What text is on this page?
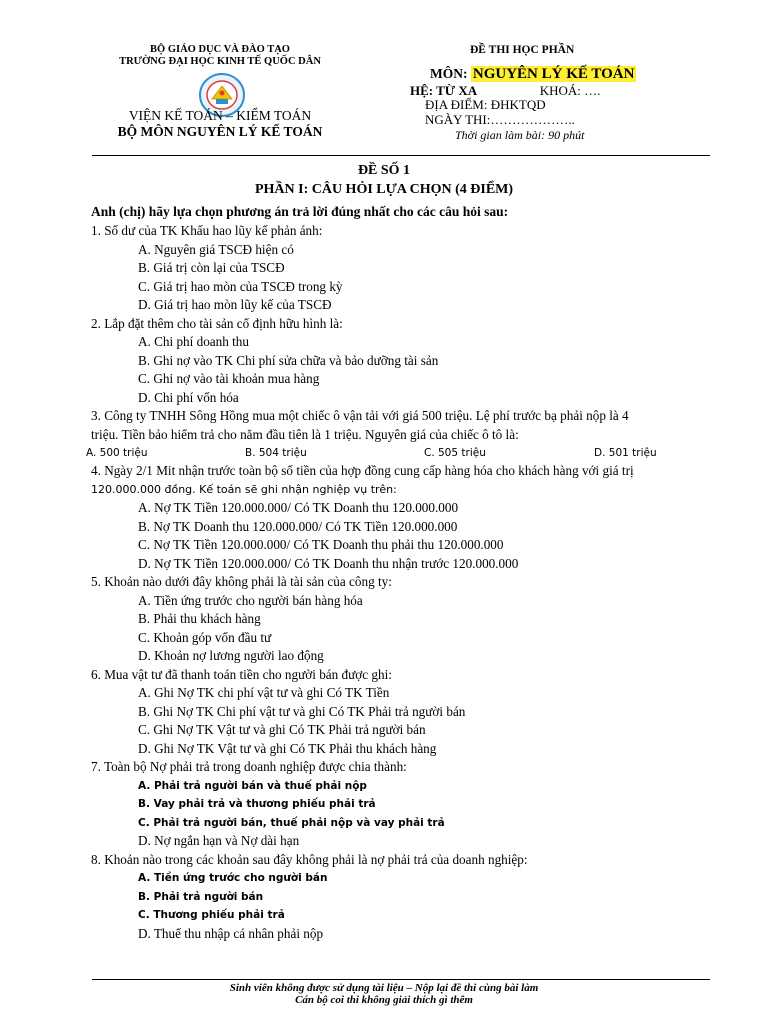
BỘ GIÁO DỤC VÀ ĐÀO TẠO
TRƯỜNG ĐẠI HỌC KINH TẾ QUỐC DÂN
VIỆN KẾ TOÁN – KIỂM TOÁN
BỘ MÔN NGUYÊN LÝ KẾ TOÁN
ĐỀ THI HỌC PHẦN
MÔN: NGUYÊN LÝ KẾ TOÁN
HỆ: TỪ XA	KHOÁ: ….
ĐỊA ĐIỂM: ĐHKTQD
NGÀY THI:………………..
Thời gian làm bài: 90 phút
ĐỀ SỐ 1
PHẦN I: CÂU HỎI LỰA CHỌN (4 ĐIỂM)
Anh (chị) hãy lựa chọn phương án trả lời đúng nhất cho các câu hỏi sau:
1. Số dư của TK Khấu hao lũy kế phản ánh:
A. Nguyên giá TSCĐ hiện có
B. Giá trị còn lại của TSCĐ
C. Giá trị hao mòn của TSCĐ trong kỳ
D. Giá trị hao mòn lũy kế của TSCĐ
2. Lắp đặt thêm cho tài sản cố định hữu hình là:
A. Chi phí doanh thu
B. Ghi nợ vào TK Chi phí sửa chữa và bảo dưỡng tài sản
C. Ghi nợ vào tài khoản mua hàng
D. Chi phí vốn hóa
3. Công ty TNHH Sông Hồng mua một chiếc ô vận tải với giá 500 triệu. Lệ phí trước bạ phải nộp là 4
triệu. Tiền bảo hiểm trả cho năm đầu tiên là 1 triệu. Nguyên giá của chiếc ô tô là:
A. 500 triệu	B. 504 triệu	C. 505 triệu	D. 501 triệu
4. Ngày 2/1 Mit nhận trước toàn bộ số tiền của hợp đồng cung cấp hàng hóa cho khách hàng với giá trị
120.000.000 đồng. Kế toán sẽ ghi nhận nghiệp vụ trên:
A. Nợ TK Tiền 120.000.000/ Có TK Doanh thu 120.000.000
B. Nợ TK Doanh thu 120.000.000/ Có TK Tiền 120.000.000
C. Nợ TK Tiền 120.000.000/ Có TK Doanh thu phải thu 120.000.000
D. Nợ TK Tiền 120.000.000/ Có TK Doanh thu nhận trước 120.000.000
5. Khoản nào dưới đây không phải là tài sản của công ty:
A. Tiền ứng trước cho người bán hàng hóa
B. Phải thu khách hàng
C. Khoản góp vốn đầu tư
D. Khoản nợ lương người lao động
6. Mua vật tư đã thanh toán tiền cho người bán được ghi:
A. Ghi Nợ TK chi phí vật tư và ghi Có TK Tiền
B. Ghi Nợ TK Chi phí vật tư và ghi Có TK Phải trả người bán
C. Ghi Nợ TK Vật tư và ghi Có TK Phải trả người bán
D. Ghi Nợ TK Vật tư và ghi Có TK Phải thu khách hàng
7. Toàn bộ Nợ phải trả trong doanh nghiệp được chia thành:
A. Phải trả người bán và thuế phải nộp
B. Vay phải trả và thương phiếu phải trả
C. Phải trả người bán, thuế phải nộp và vay phải trả
D. Nợ ngắn hạn và Nợ dài hạn
8. Khoản nào trong các khoản sau đây không phải là nợ phải trả của doanh nghiệp:
A. Tiền ứng trước cho người bán
B. Phải trả người bán
C. Thương phiếu phải trả
D. Thuế thu nhập cá nhân phải nộp
Sinh viên không được sử dụng tài liệu – Nộp lại đề thi cùng bài làm
Cán bộ coi thi không giải thích gì thêm
